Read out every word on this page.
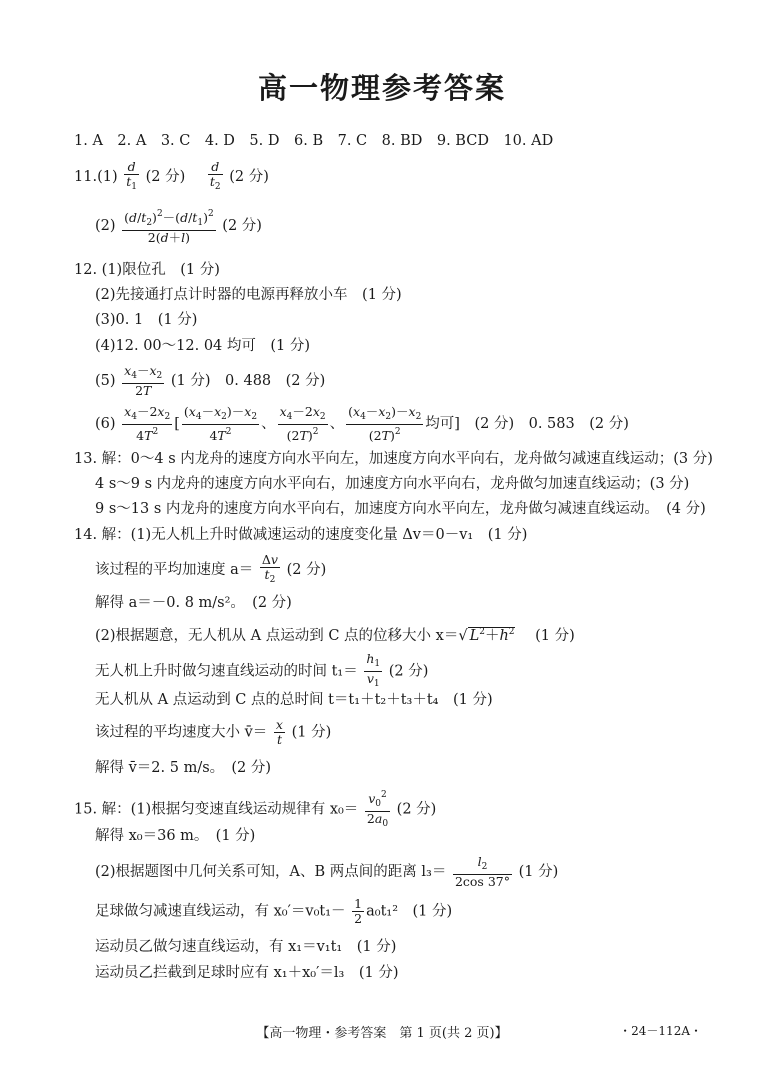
高一物理参考答案
1. A　2. A　3. C　4. D　5. D　6. B　7. C　8. BD　9. BCD　10. AD
$11.(1) \frac{d}{t_1} (2$ 分) $\frac{d}{t_2} (2$ 分)
$(2) \frac{(d/t_2)^2-(d/t_1)^2}{2(d+l)} (2$ 分)
12. (1)限位孔　(1 分)
(2)先接通打点计时器的电源再释放小车　(1 分)
(3)0. 1　(1 分)
(4)12. 00～12. 04 均可　(1 分)
$(5) \frac{x_4-x_2}{2T} (1$ 分)　0. 488　(2 分)
$(6) \frac{x_4-2x_2}{4T^2}$ [ $\frac{(x_4-x_2)-x_2}{4T^2}$ 、 $\frac{x_4-2x_2}{(2T)^2}$ 、 $\frac{(x_4-x_2)-x_2}{(2T)^2}$ 均可]　(2 分)　0. 583　(2 分)
13. 解：0～4 s 内龙舟的速度方向水平向左，加速度方向水平向右，龙舟做匀减速直线运动；(3 分)
4 s～9 s 内龙舟的速度方向水平向右，加速度方向水平向右，龙舟做匀加速直线运动；(3 分)
9 s～13 s 内龙舟的速度方向水平向右，加速度方向水平向左，龙舟做匀减速直线运动。　(4 分)
14. 解：(1)无人机上升时做减速运动的速度变化量 Δv＝0－v₁　(1 分)
该过程的平均加速度 $a= \frac{\Delta v}{t_2} (2$ 分)
解得 a＝－0. 8 m/s²。　(2 分)
(2)根据题意，无人机从 A 点运动到 C 点的位移大小 x＝√ $L^2+h^2$ (1 分)
无人机上升时做匀速直线运动的时间 $t_1= \frac{h_1}{v_1} (2$ 分)
无人机从 A 点运动到 C 点的总时间 t＝t₁＋t₂＋t₃＋t₄　(1 分)
该过程的平均速度大小 v̄＝ $\frac{x}{t} (1$ 分)
解得 v̄＝2. 5 m/s。　(2 分)
15. 解：(1)根据匀变速直线运动规律有 $x_0= \frac{v_0^2}{2a_0} (2$ 分)
解得 x₀＝36 m。　(1 分)
(2)根据题图中几何关系可知，A、B 两点间的距离 $l_3= \frac{l_2}{2\cos 37^\circ} (1$ 分)
足球做匀减速直线运动，有 $x_0'=v_0t_1- \frac{1}{2} a_0t_1^2$　(1 分)
运动员乙做匀速直线运动，有 x₁＝v₁t₁　(1 分)
运动员乙拦截到足球时应有 x₁＋x₀′＝l₃　(1 分)
【高一物理・参考答案　第 1 页(共 2 页)】	・24－112A・
